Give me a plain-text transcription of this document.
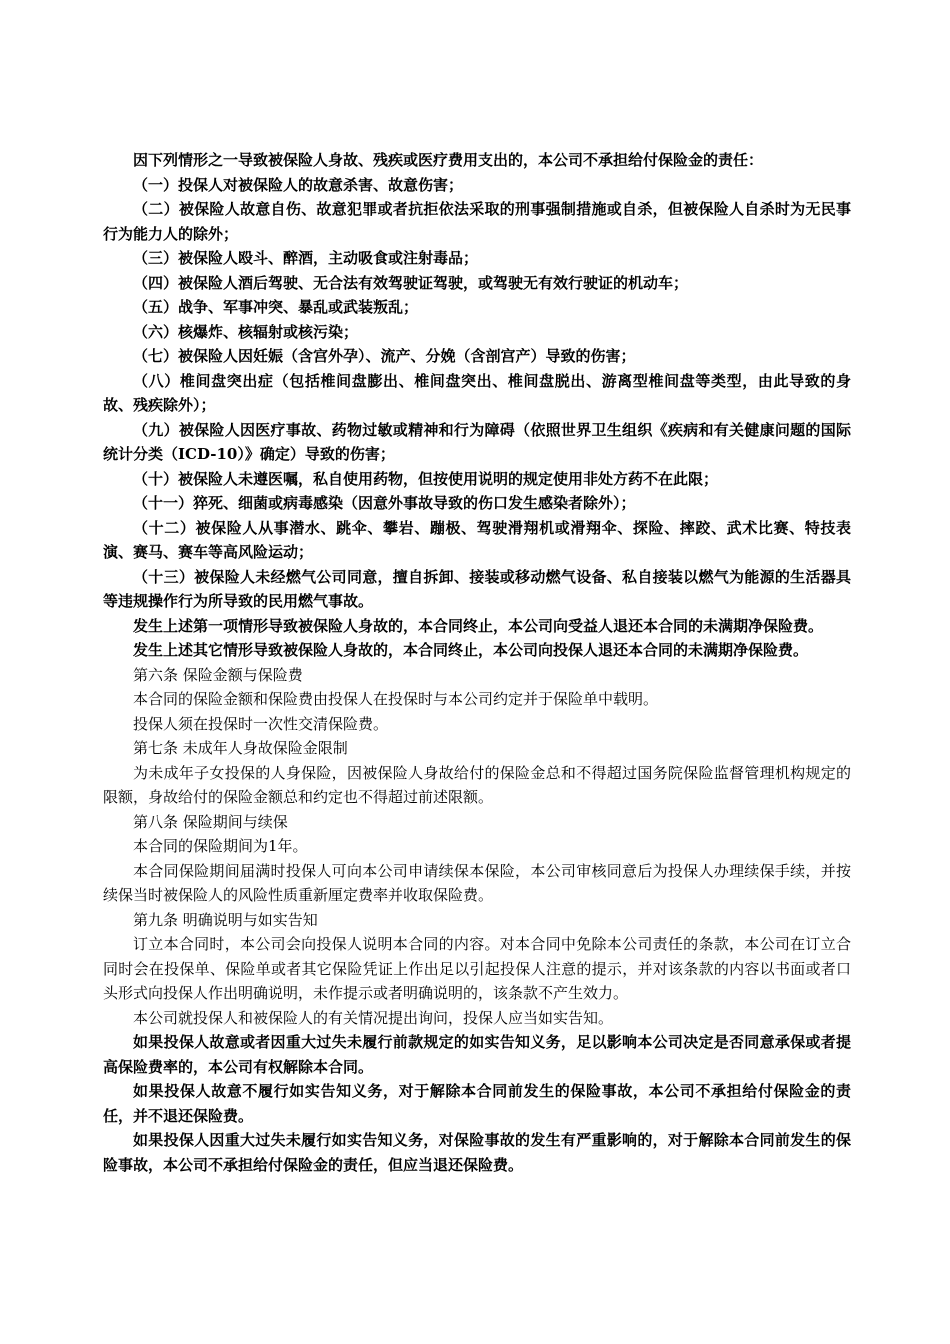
因下列情形之一导致被保险人身故、残疾或医疗费用支出的，本公司不承担给付保险金的责任：

（一）投保人对被保险人的故意杀害、故意伤害；

（二）被保险人故意自伤、故意犯罪或者抗拒依法采取的刑事强制措施或自杀，但被保险人自杀时为无民事行为能力人的除外；

（三）被保险人殴斗、醉酒，主动吸食或注射毒品；

（四）被保险人酒后驾驶、无合法有效驾驶证驾驶，或驾驶无有效行驶证的机动车；

（五）战争、军事冲突、暴乱或武装叛乱；

（六）核爆炸、核辐射或核污染；

（七）被保险人因妊娠（含宫外孕）、流产、分娩（含剖宫产）导致的伤害；

（八）椎间盘突出症（包括椎间盘膨出、椎间盘突出、椎间盘脱出、游离型椎间盘等类型，由此导致的身故、残疾除外）；

（九）被保险人因医疗事故、药物过敏或精神和行为障碍（依照世界卫生组织《疾病和有关健康问题的国际统计分类（ICD-10）》确定）导致的伤害；

（十）被保险人未遵医嘱，私自使用药物，但按使用说明的规定使用非处方药不在此限；

（十一）猝死、细菌或病毒感染（因意外事故导致的伤口发生感染者除外）；

（十二）被保险人从事潜水、跳伞、攀岩、蹦极、驾驶滑翔机或滑翔伞、探险、摔跤、武术比赛、特技表演、赛马、赛车等高风险运动；

（十三）被保险人未经燃气公司同意，擅自拆卸、接装或移动燃气设备、私自接装以燃气为能源的生活器具等违规操作行为所导致的民用燃气事故。

发生上述第一项情形导致被保险人身故的，本合同终止，本公司向受益人退还本合同的未满期净保险费。

发生上述其它情形导致被保险人身故的，本合同终止，本公司向投保人退还本合同的未满期净保险费。

第六条 保险金额与保险费

本合同的保险金额和保险费由投保人在投保时与本公司约定并于保险单中载明。

投保人须在投保时一次性交清保险费。

第七条 未成年人身故保险金限制

为未成年子女投保的人身保险，因被保险人身故给付的保险金总和不得超过国务院保险监督管理机构规定的限额，身故给付的保险金额总和约定也不得超过前述限额。

第八条 保险期间与续保

本合同的保险期间为1年。

本合同保险期间届满时投保人可向本公司申请续保本保险，本公司审核同意后为投保人办理续保手续，并按续保当时被保险人的风险性质重新厘定费率并收取保险费。

第九条 明确说明与如实告知

订立本合同时，本公司会向投保人说明本合同的内容。对本合同中免除本公司责任的条款，本公司在订立合同时会在投保单、保险单或者其它保险凭证上作出足以引起投保人注意的提示，并对该条款的内容以书面或者口头形式向投保人作出明确说明，未作提示或者明确说明的，该条款不产生效力。

本公司就投保人和被保险人的有关情况提出询问，投保人应当如实告知。

如果投保人故意或者因重大过失未履行前款规定的如实告知义务，足以影响本公司决定是否同意承保或者提高保险费率的，本公司有权解除本合同。

如果投保人故意不履行如实告知义务，对于解除本合同前发生的保险事故，本公司不承担给付保险金的责任，并不退还保险费。

如果投保人因重大过失未履行如实告知义务，对保险事故的发生有严重影响的，对于解除本合同前发生的保险事故，本公司不承担给付保险金的责任，但应当退还保险费。
